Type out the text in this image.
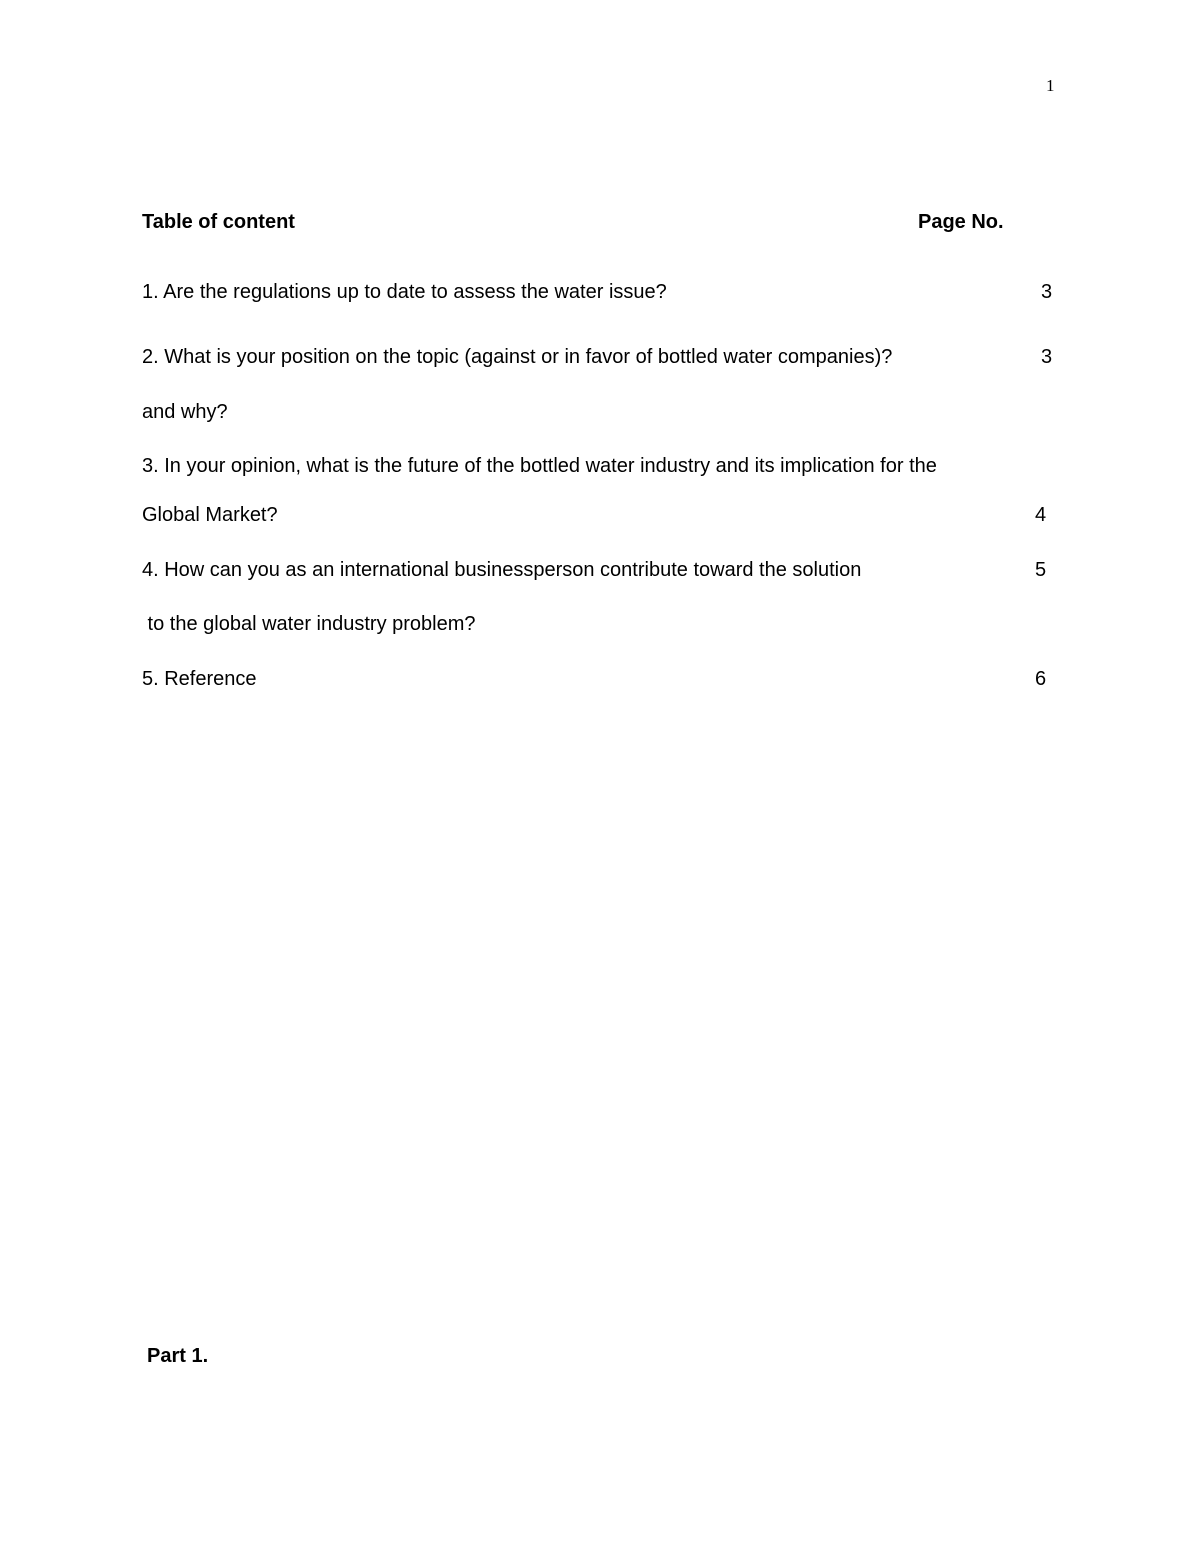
1
Table of content	Page No.
1. Are the regulations up to date to assess the water issue?	3
2. What is your position on the topic (against or in favor of bottled water companies)?	3
and why?
3. In your opinion, what is the future of the bottled water industry and its implication for the
Global Market?	4
4. How can you as an international businessperson contribute toward the solution	5
to the global water industry problem?
5. Reference	6
Part 1.
